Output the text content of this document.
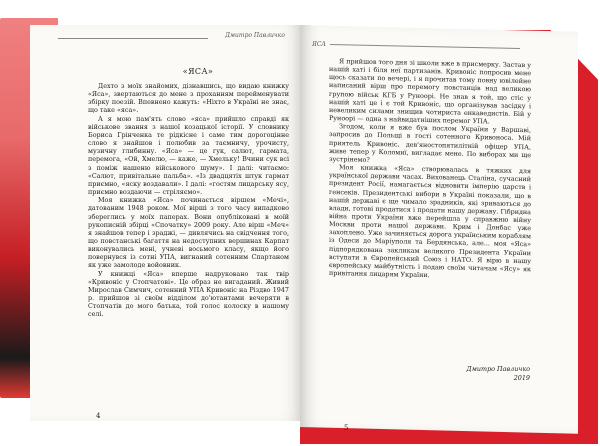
Дмитро Павличко
ЯСА
«ЯСА»

Дехто з моїх знайомих, дізнавшись, що видаю книжку «Яса», звертаються до мене з проханням перейменувати збірку поезій. Впевнено кажуть: «Ніхто в Україні не знає, що таке «яса».

А я мою пам'ять слово «яса» прийшло справді як військове звання з нашої козацької історії. У словнику Бориса Грінченка те рідкісне і саме тим дорогоцінне слово я знайшов і полюбив за таємничу, урочисту, музичну глибинну. «Яса» — це гук, салют, гармата, перемога, «Ой, Хмелю, — каже, — Хмельку! Вчини сук всі з поміж нашеню військового шуму». І далі: читаємо: «Салют, привітальне пальба». «Із двадцятіх штук гармат приємно, «яску воздавали». І далі: «гостям лицарську ясу, приємно воздаючи — стріляємо».

Моя книжка «Яса» починається віршем «Мечі», датованим 1948 роком. Мої вірші з того часу випадково збереглись у моїх паперах. Вони опубліковані в моїй рукописній збірці «Спочатку» 2009 року. Але вірш «Меч» я знайшов тепер і зраджі, — дивлячись на свідчення того, що повстанські багаття на недоступних вершинах Карпат виконувались мені, учневі восьмого класу, якщо його повернувся із сотні УПА, вигнаний сотенним Спартаном як уже замолоде войовник.

У книжці «Яса» вперше надруковано так твір «Кривоніс у Стопчатові». Це образ не вигаданий. Живий Мирослав Симчич, сотенний УПА Кривоніс на Різдво 1947 р. прийшов зі своїм відділом до'ютантами вечеряти в Стопчатів до мого батька, той голос колоску в нашому селі.

Я прийшов того дня зі школи вже в присмерку. Застав у нашій хаті і біля неї партизанів. Кривоніс попросив мене щось сказати по вечері, і я прочитав тому повну ювілейне написаний вірш про перемогу повстанців над великою групою військ КГБ у Руноорі. Не знав я той, що стіс у нашій хаті це і є той Кривоніс, що організував засідку і невеликим силами знищив чотириста енкаведистів. Бій у Руноорі — одна з найвидатніших перемог УПА.

Згодом, коли я вже був послом України у Варшаві, запросив до Польщі в гості сотенного Кривоноса. Мій приятель Кривоніс, дев'яностопятилітній офіцер УПА, живе тепер у Коломиї, вигладає мене. По виборах ми ще зустрінемо?

Моя книжка «Яса» створювалась в тяжких для української держави часах. Вихованець Сталіна, сучасний президент Росії, намагається відновити імперію царств і генсеків. Президентські вибори в Україні показали, що в нашій державі є ще чимало зрадників, які зриваються до влади, готові продатися і продати нашу державу. Гібридна війна проти України вже перейшла у справжню війну Москви проти нашої держави. Крим і Донбас уже захоплено. Уже зачиняється дорога українським кораблям із Одеси до Маріуполя та Бердянська, але... моя «Яса» підпорядкована закликам великого Президента України вступати в Європейський Союз і НАТО. Я вірю в нашу європейську майбутність і подаю своїм читачам «Ясу» як привітання лицарям України.

Дмитро Павличко
2019
4
5
